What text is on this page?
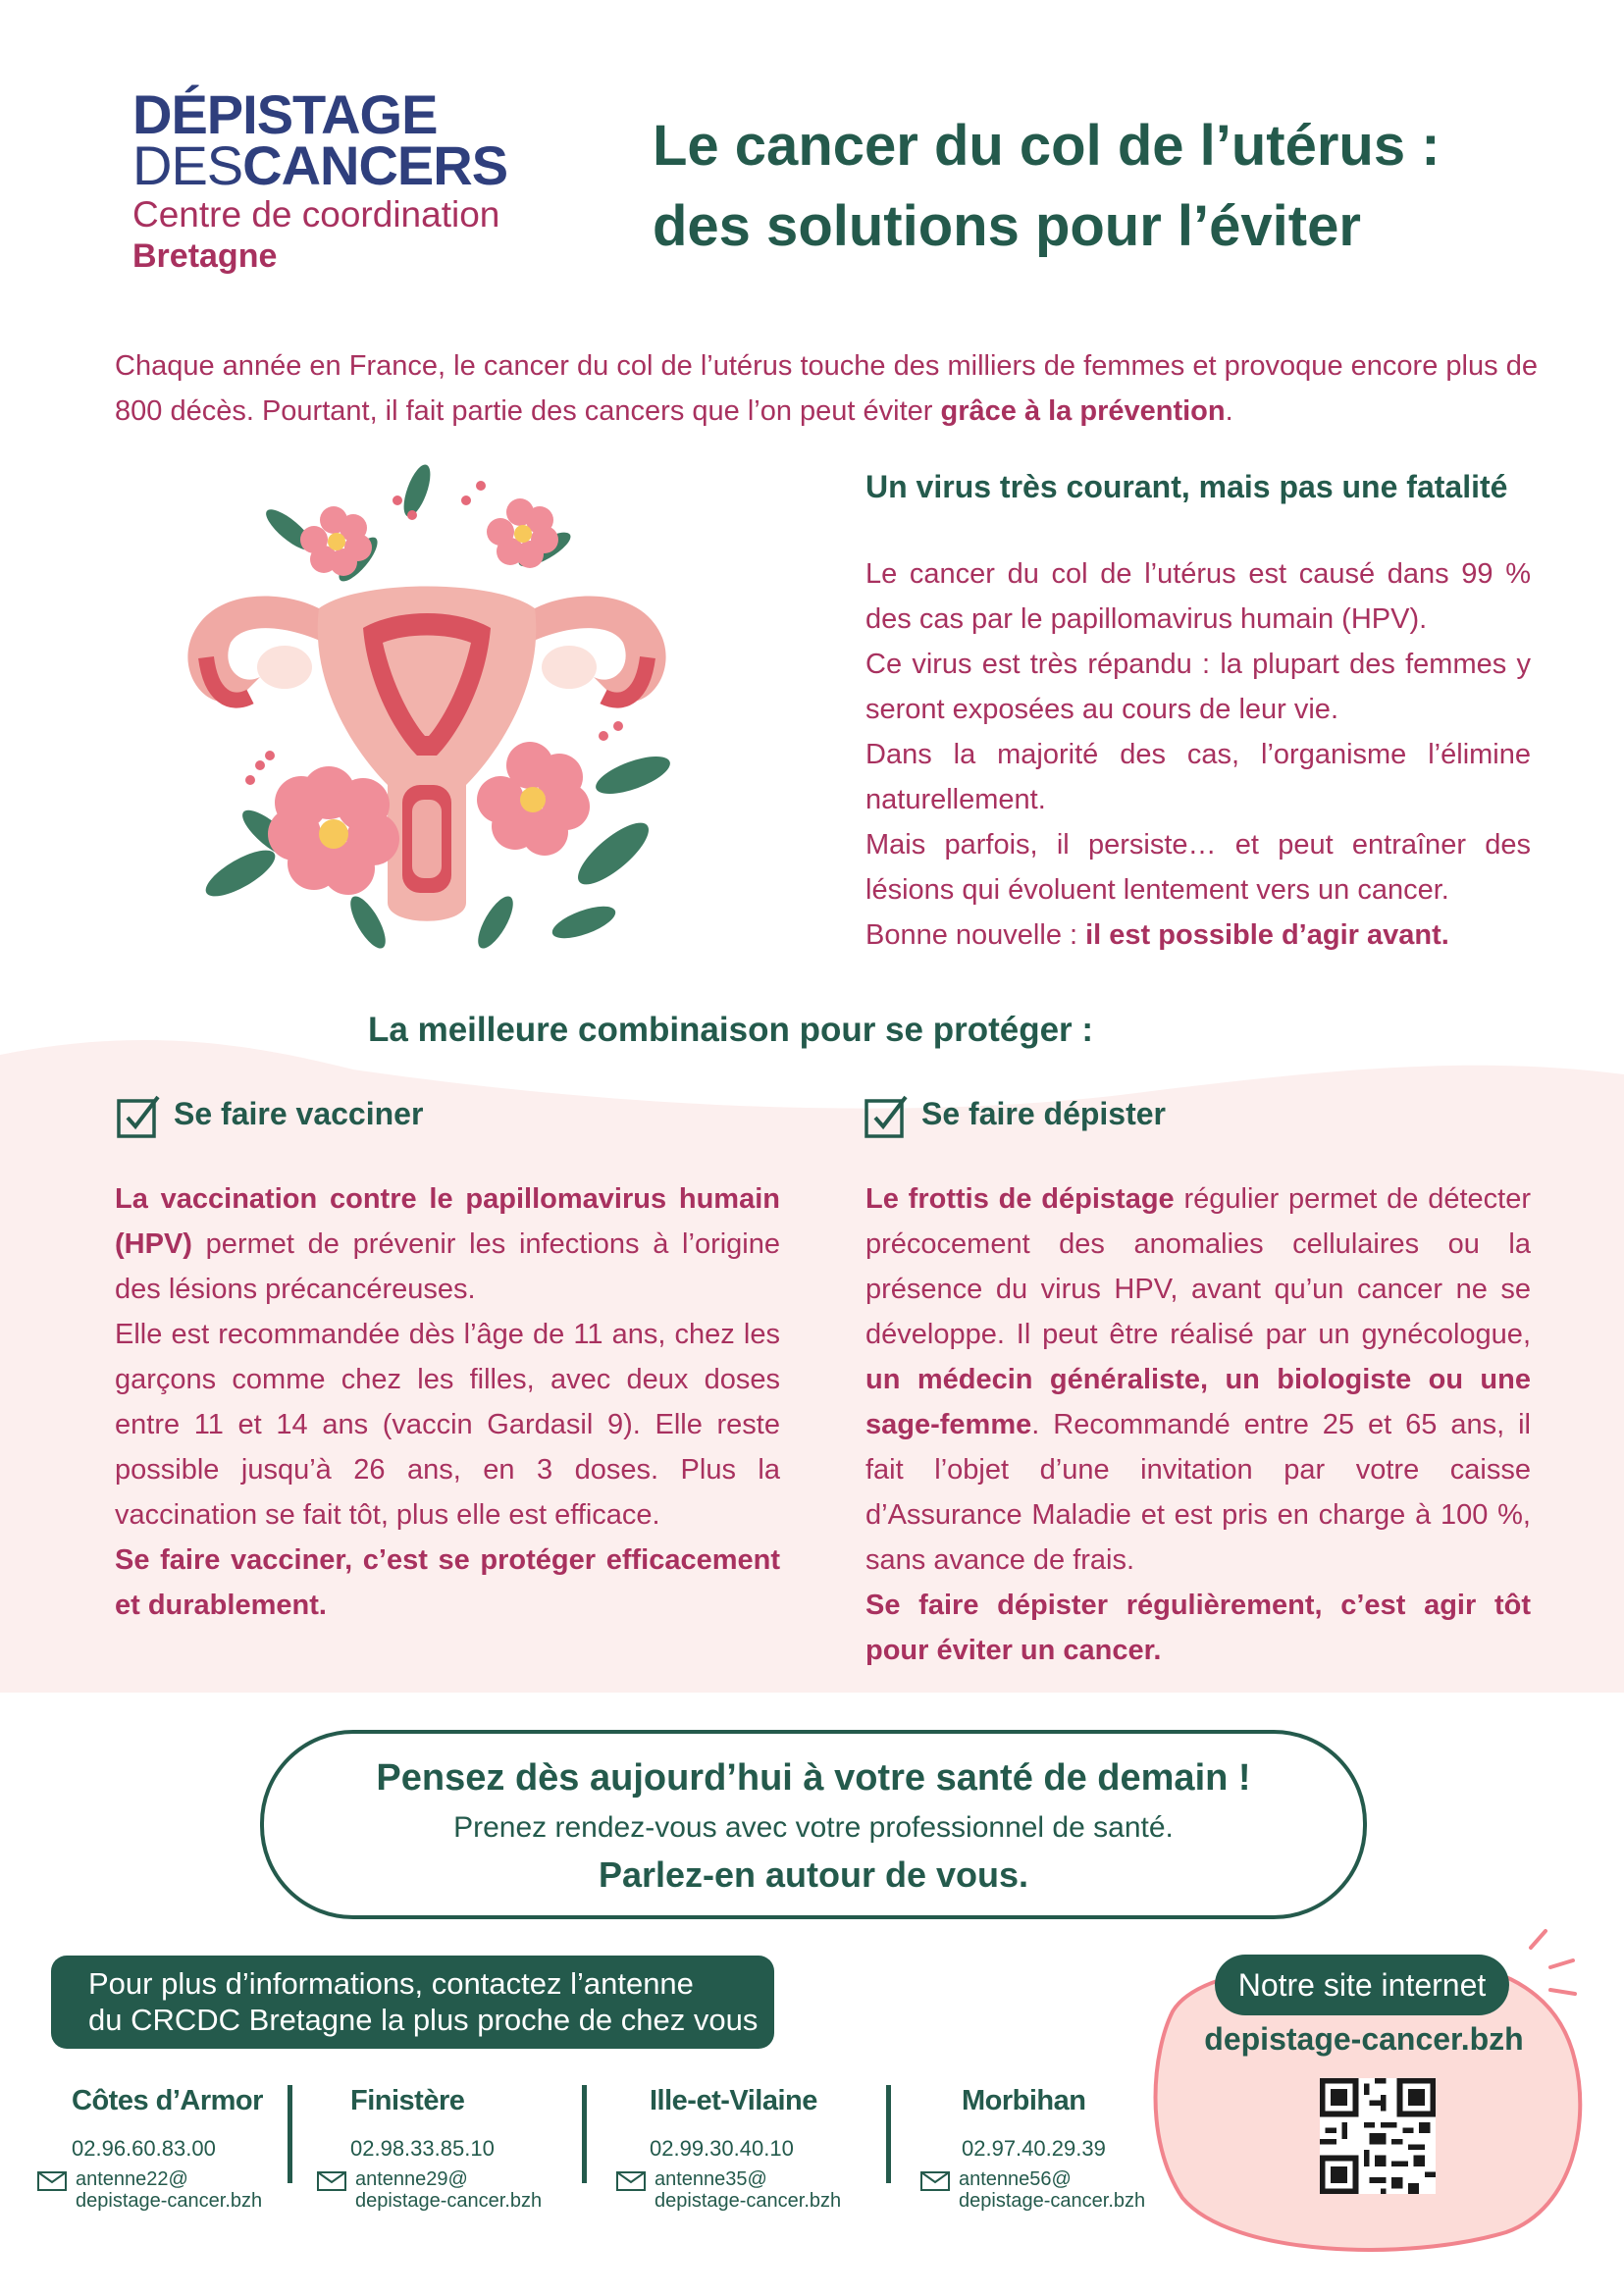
DÉPISTAGE
DESCANCERS
Centre de coordination
Bretagne
Le cancer du col de l’utérus :
des solutions pour l’éviter
Chaque année en France, le cancer du col de l’utérus touche des milliers de femmes et provoque encore plus de 800 décès. Pourtant, il fait partie des cancers que l’on peut éviter grâce à la prévention.
Un virus très courant, mais pas une fatalité
Le cancer du col de l’utérus est causé dans 99 % des cas par le papillomavirus humain (HPV).
Ce virus est très répandu : la plupart des femmes y seront exposées au cours de leur vie.
Dans la majorité des cas, l’organisme l’élimine naturellement.
Mais parfois, il persiste… et peut entraîner des lésions qui évoluent lentement vers un cancer.
Bonne nouvelle : il est possible d’agir avant.
La meilleure combinaison pour se protéger :
Se faire vacciner
La vaccination contre le papillomavirus humain (HPV) permet de prévenir les infections à l’origine des lésions précancéreuses.
Elle est recommandée dès l’âge de 11 ans, chez les garçons comme chez les filles, avec deux doses entre 11 et 14 ans (vaccin Gardasil 9). Elle reste possible jusqu’à 26 ans, en 3 doses. Plus la vaccination se fait tôt, plus elle est efficace.
Se faire vacciner, c’est se protéger efficacement et durablement.
Se faire dépister
Le frottis de dépistage régulier permet de détecter précocement des anomalies cellulaires ou la présence du virus HPV, avant qu’un cancer ne se développe. Il peut être réalisé par un gynécologue, un médecin généraliste, un biologiste ou une sage-femme. Recommandé entre 25 et 65 ans, il fait l’objet d’une invitation par votre caisse d’Assurance Maladie et est pris en charge à 100 %, sans avance de frais.
Se faire dépister régulièrement, c’est agir tôt pour éviter un cancer.
Pensez dès aujourd’hui à votre santé de demain !
Prenez rendez-vous avec votre professionnel de santé.
Parlez-en autour de vous.
Pour plus d’informations, contactez l’antenne
du CRCDC Bretagne la plus proche de chez vous
Côtes d’Armor
02.96.60.83.00
antenne22@
depistage-cancer.bzh
Finistère
02.98.33.85.10
antenne29@
depistage-cancer.bzh
Ille-et-Vilaine
02.99.30.40.10
antenne35@
depistage-cancer.bzh
Morbihan
02.97.40.29.39
antenne56@
depistage-cancer.bzh
Notre site internet
depistage-cancer.bzh
